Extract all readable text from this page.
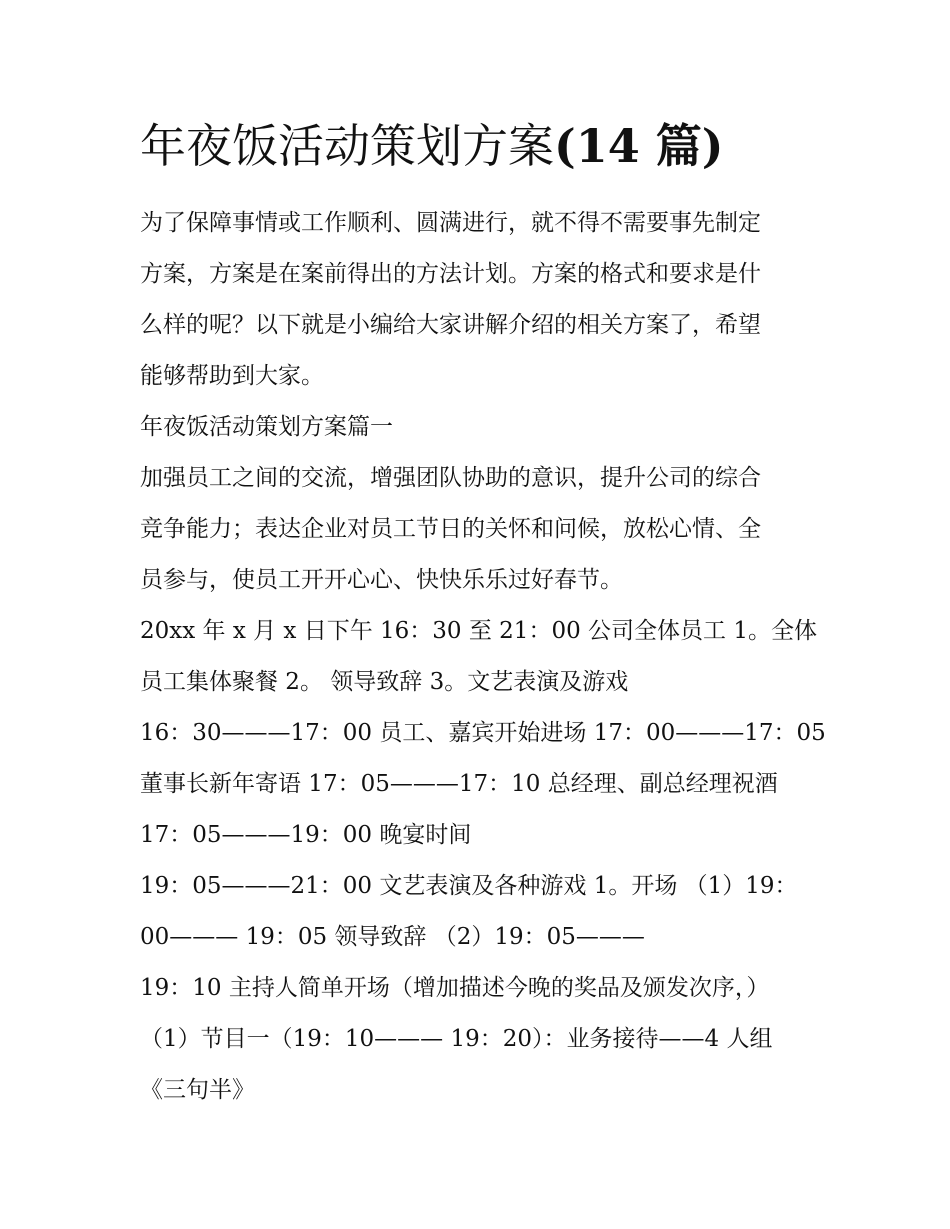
年夜饭活动策划方案(14 篇)

为了保障事情或工作顺利、圆满进行，就不得不需要事先制定

方案，方案是在案前得出的方法计划。方案的格式和要求是什

么样的呢？以下就是小编给大家讲解介绍的相关方案了，希望

能够帮助到大家。

年夜饭活动策划方案篇一

加强员工之间的交流，增强团队协助的意识，提升公司的综合

竞争能力；表达企业对员工节日的关怀和问候，放松心情、全

员参与，使员工开开心心、快快乐乐过好春节。

20xx 年 x 月 x 日下午 16：30 至 21：00 公司全体员工 1。全体

员工集体聚餐 2。 领导致辞 3。文艺表演及游戏

16：30———17：00 员工、嘉宾开始进场 17：00———17：05

董事长新年寄语 17：05———17：10 总经理、副总经理祝酒

17：05———19：00 晚宴时间

19：05———21：00 文艺表演及各种游戏 1。开场 （1）19：

00——— 19：05 领导致辞 （2）19：05———

19：10 主持人简单开场（增加描述今晚的奖品及颁发次序，）

（1）节目一（19：10——— 19：20）：业务接待——4 人组

《三句半》
